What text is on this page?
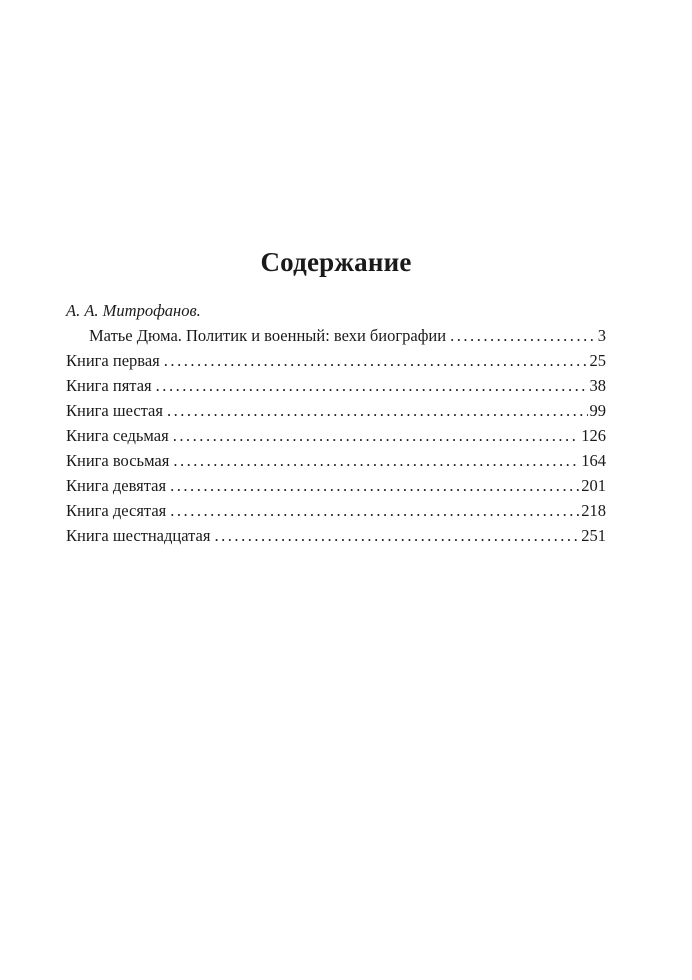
Содержание
А. А. Митрофанов.
Матье Дюма. Политик и военный: вехи биографии . . .	3
Книга первая . . .	25
Книга пятая . . .	38
Книга шестая . . .	99
Книга седьмая . . .	126
Книга восьмая . . .	164
Книга девятая . . .	201
Книга десятая . . .	218
Книга шестнадцатая . . .	251
